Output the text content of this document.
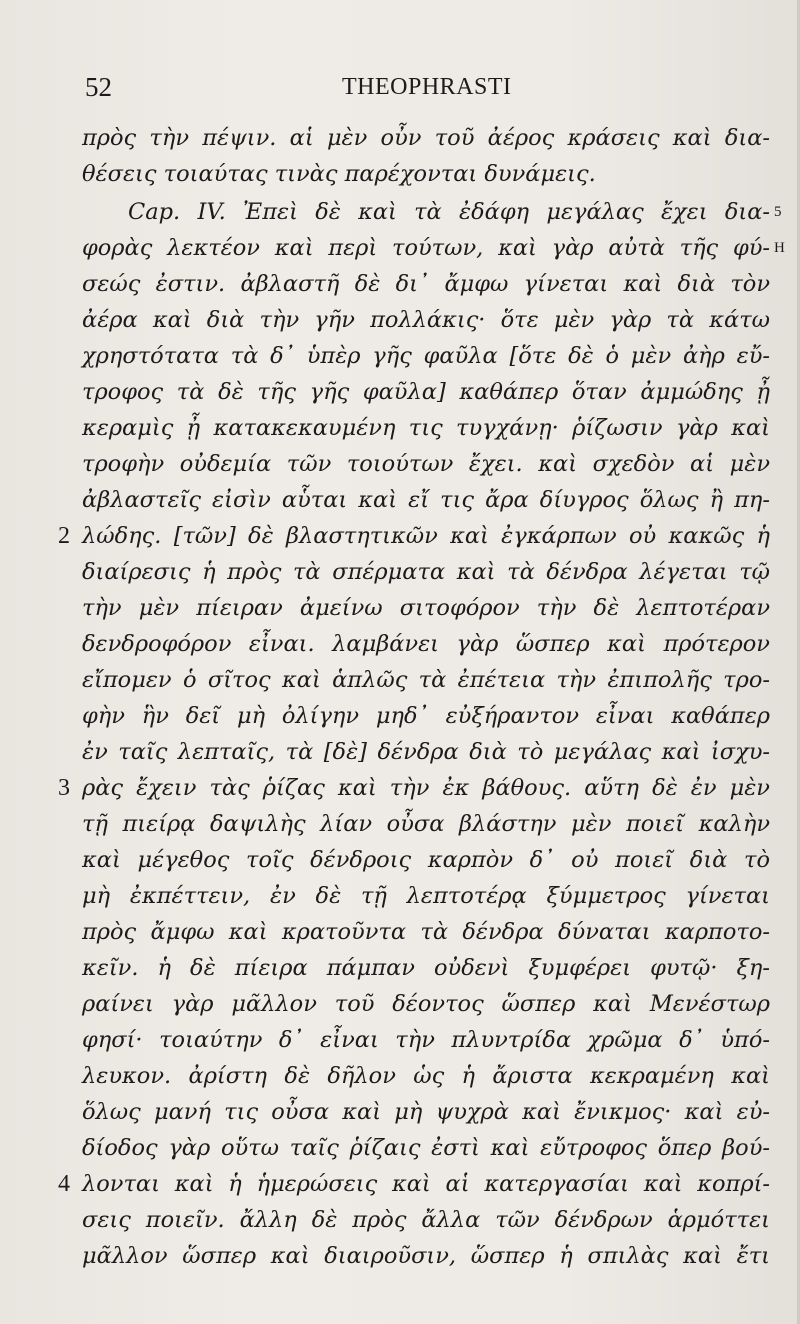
52	THEOPHRASTI
πρὸς τὴν πέψιν. αἱ μὲν οὖν τοῦ ἀέρος κράσεις καὶ δια-
θέσεις τοιαύτας τινὰς παρέχονται δυνάμεις.
Cap. IV. Ἐπεὶ δὲ καὶ τὰ ἐδάφη μεγάλας ἔχει δια-
φορὰς λεκτέον καὶ περὶ τούτων, καὶ γὰρ αὐτὰ τῆς φύ-
σεώς ἐστιν. ἀβλαστῆ δὲ δι᾽ ἄμφω γίνεται καὶ διὰ τὸν
ἀέρα καὶ διὰ τὴν γῆν πολλάκις· ὅτε μὲν γὰρ τὰ κάτω
χρηστότατα τὰ δ᾽ ὑπὲρ γῆς φαῦλα [ὅτε δὲ ὁ μὲν ἀὴρ εὔ-
τροφος τὰ δὲ τῆς γῆς φαῦλα] καθάπερ ὅταν ἀμμώδης ᾖ
κεραμὶς ᾖ κατακεκαυμένη τις τυγχάνῃ· ῥίζωσιν γὰρ καὶ
τροφὴν οὐδεμία τῶν τοιούτων ἔχει. καὶ σχεδὸν αἱ μὲν
ἀβλαστεῖς εἰσὶν αὗται καὶ εἴ τις ἄρα δίυγρος ὅλως ἢ πη-
λώδης. [τῶν] δὲ βλαστητικῶν καὶ ἐγκάρπων οὐ κακῶς ἡ
διαίρεσις ἡ πρὸς τὰ σπέρματα καὶ τὰ δένδρα λέγεται τῷ
τὴν μὲν πίειραν ἀμείνω σιτοφόρον τὴν δὲ λεπτοτέραν
δενδροφόρον εἶναι. λαμβάνει γὰρ ὥσπερ καὶ πρότερον
εἴπομεν ὁ σῖτος καὶ ἁπλῶς τὰ ἐπέτεια τὴν ἐπιπολῆς τρο-
φὴν ἣν δεῖ μὴ ὀλίγην μηδ᾽ εὐξήραντον εἶναι καθάπερ
ἐν ταῖς λεπταῖς, τὰ [δὲ] δένδρα διὰ τὸ μεγάλας καὶ ἰσχυ-
ρὰς ἔχειν τὰς ῥίζας καὶ τὴν ἐκ βάθους. αὕτη δὲ ἐν μὲν
τῇ πιείρᾳ δαψιλὴς λίαν οὖσα βλάστην μὲν ποιεῖ καλὴν
καὶ μέγεθος τοῖς δένδροις καρπὸν δ᾽ οὐ ποιεῖ διὰ τὸ
μὴ ἐκπέττειν, ἐν δὲ τῇ λεπτοτέρᾳ ξύμμετρος γίνεται
πρὸς ἄμφω καὶ κρατοῦντα τὰ δένδρα δύναται καρποτο-
κεῖν. ἡ δὲ πίειρα πάμπαν οὐδενὶ ξυμφέρει φυτῷ· ξη-
ραίνει γὰρ μᾶλλον τοῦ δέοντος ὥσπερ καὶ Μενέστωρ
φησί· τοιαύτην δ᾽ εἶναι τὴν πλυντρίδα χρῶμα δ᾽ ὑπό-
λευκον. ἀρίστη δὲ δῆλον ὡς ἡ ἄριστα κεκραμένη καὶ
ὅλως μανή τις οὖσα καὶ μὴ ψυχρὰ καὶ ἔνικμος· καὶ εὐ-
δίοδος γὰρ οὕτω ταῖς ῥίζαις ἐστὶ καὶ εὔτροφος ὅπερ βού-
λονται καὶ ἡ ἡμερώσεις καὶ αἱ κατεργασίαι καὶ κοπρί-
σεις ποιεῖν. ἄλλη δὲ πρὸς ἄλλα τῶν δένδρων ἁρμόττει
μᾶλλον ὥσπερ καὶ διαιροῦσιν, ὥσπερ ἡ σπιλὰς καὶ ἔτι
2
3
4
5 H
